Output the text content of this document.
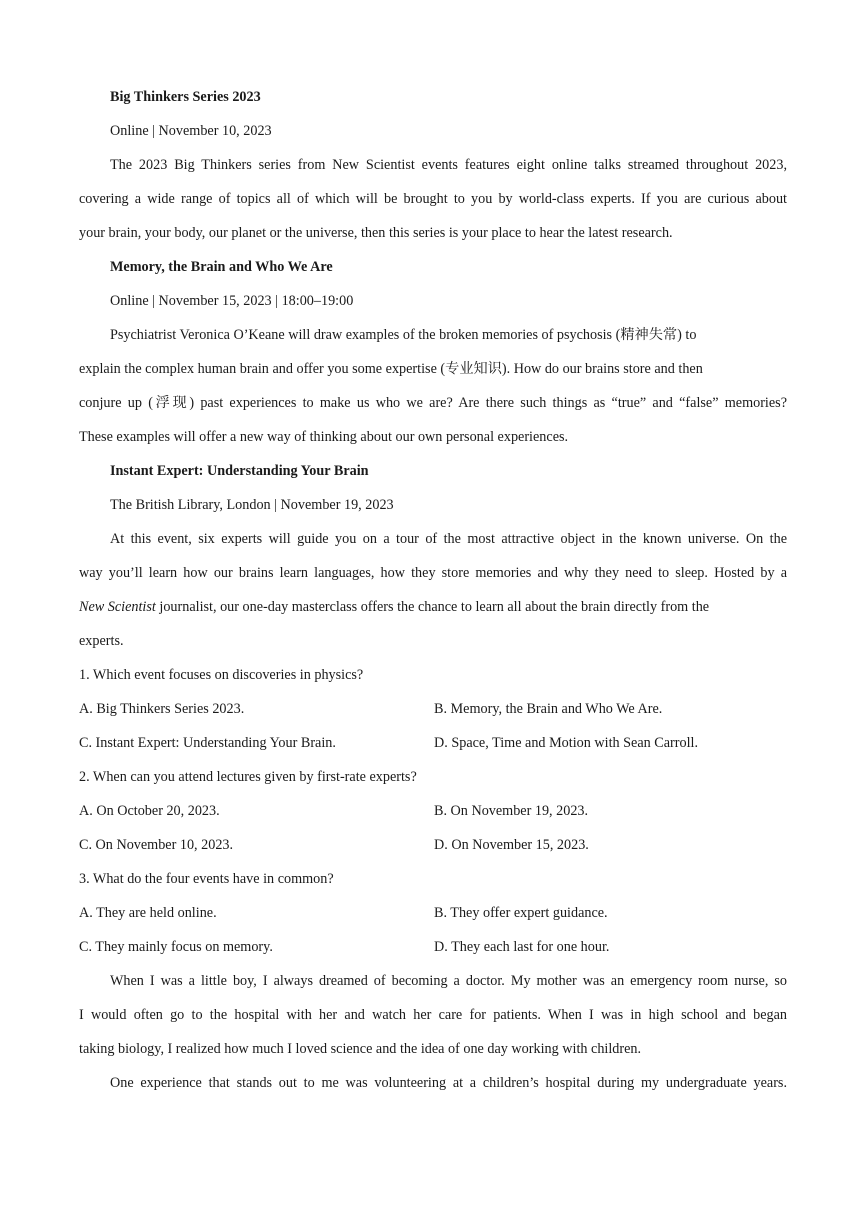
Big Thinkers Series 2023
Online | November 10, 2023
The 2023 Big Thinkers series from New Scientist events features eight online talks streamed throughout 2023,
covering a wide range of topics all of which will be brought to you by world-class experts. If you are curious about
your brain, your body, our planet or the universe, then this series is your place to hear the latest research.
Memory, the Brain and Who We Are
Online | November 15, 2023 | 18:00–19:00
Psychiatrist Veronica O’Keane will draw examples of the broken memories of psychosis (精神失常) to
explain the complex human brain and offer you some expertise (专业知识). How do our brains store and then
conjure up (浮现) past experiences to make us who we are? Are there such things as “true” and “false” memories?
These examples will offer a new way of thinking about our own personal experiences.
Instant Expert: Understanding Your Brain
The British Library, London | November 19, 2023
At this event, six experts will guide you on a tour of the most attractive object in the known universe. On the
way you’ll learn how our brains learn languages, how they store memories and why they need to sleep. Hosted by a
New Scientist journalist, our one-day masterclass offers the chance to learn all about the brain directly from the
experts.
1. Which event focuses on discoveries in physics?
A. Big Thinkers Series 2023.	B. Memory, the Brain and Who We Are.
C. Instant Expert: Understanding Your Brain.	D. Space, Time and Motion with Sean Carroll.
2. When can you attend lectures given by first-rate experts?
A. On October 20, 2023.	B. On November 19, 2023.
C. On November 10, 2023.	D. On November 15, 2023.
3. What do the four events have in common?
A. They are held online.	B. They offer expert guidance.
C. They mainly focus on memory.	D. They each last for one hour.
When I was a little boy, I always dreamed of becoming a doctor. My mother was an emergency room nurse, so
I would often go to the hospital with her and watch her care for patients. When I was in high school and began
taking biology, I realized how much I loved science and the idea of one day working with children.
One experience that stands out to me was volunteering at a children’s hospital during my undergraduate years.
